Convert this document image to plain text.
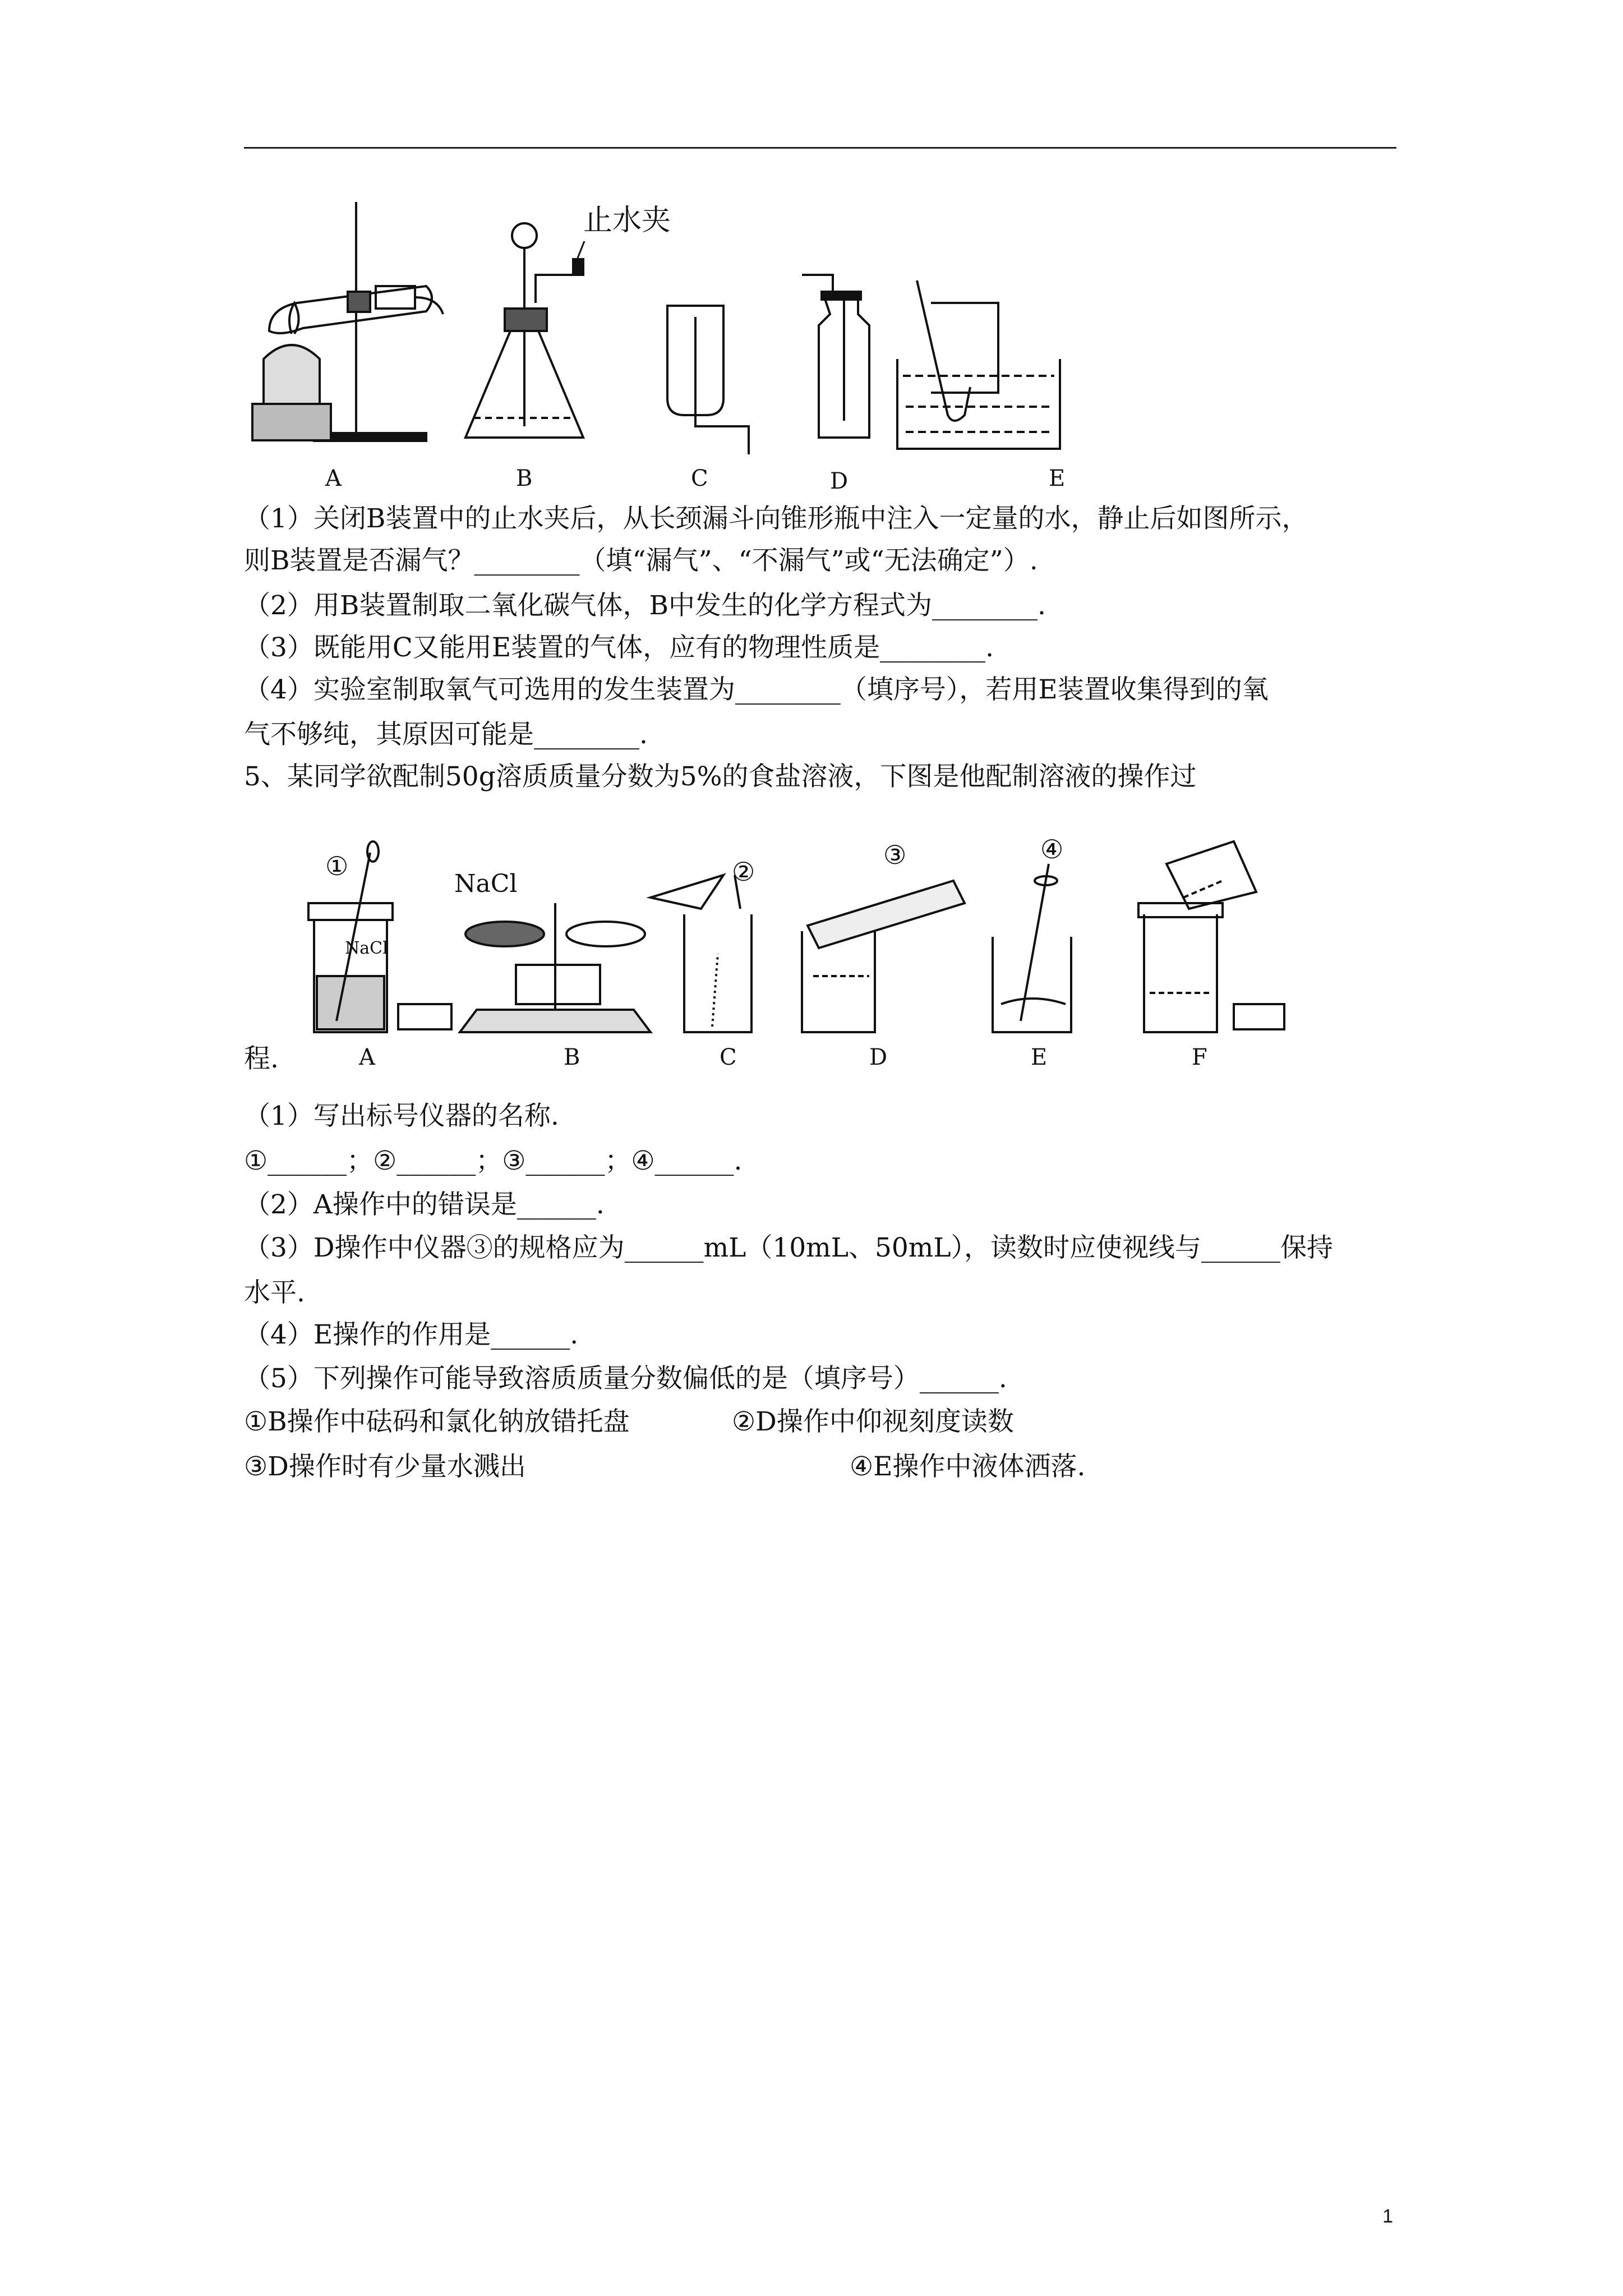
止水夹
A	B	C	D	E
（1）关闭B装置中的止水夹后，从长颈漏斗向锥形瓶中注入一定量的水，静止后如图所示，
则B装置是否漏气？________（填“漏气”、“不漏气”或“无法确定”）.
（2）用B装置制取二氧化碳气体，B中发生的化学方程式为________.
（3）既能用C又能用E装置的气体，应有的物理性质是________.
（4）实验室制取氧气可选用的发生装置为________（填序号），若用E装置收集得到的氧
气不够纯，其原因可能是________.
5、某同学欲配制50g溶质质量分数为5%的食盐溶液，下图是他配制溶液的操作过
NaCl
NaCl
①	②
③	④
程.	A	B	C	D	E	F
（1）写出标号仪器的名称.
①______；②______；③______；④______.
（2）A操作中的错误是______.
（3）D操作中仪器③的规格应为______mL（10mL、50mL），读数时应使视线与______保持
水平.
（4）E操作的作用是______.
（5）下列操作可能导致溶质质量分数偏低的是（填序号）______.
①B操作中砝码和氯化钠放错托盘	②D操作中仰视刻度读数
③D操作时有少量水溅出	④E操作中液体洒落.
1
